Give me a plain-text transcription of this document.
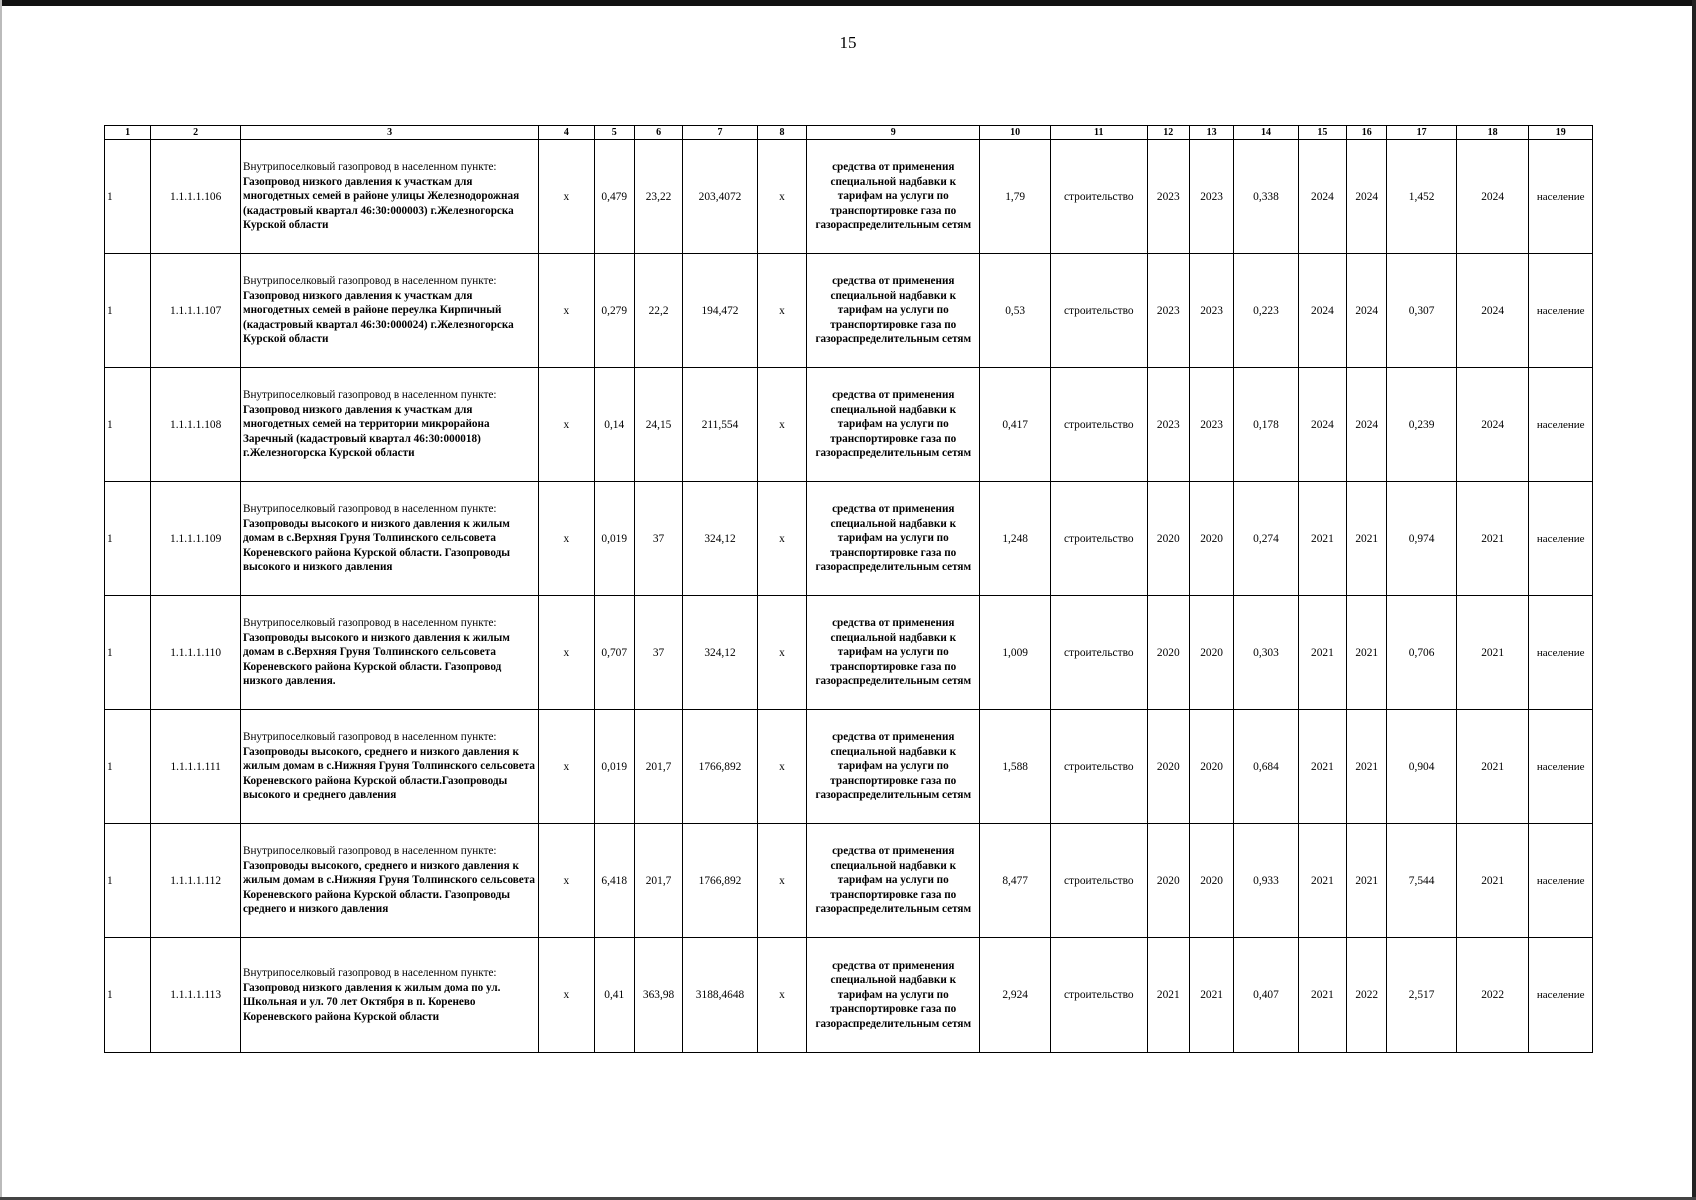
15
1	2	3	4	5	6	7	8	9	10	11	12	13	14	15	16	17	18	19
1	1.1.1.1.106	Внутрипоселковый газопровод в населенном пункте:
Газопровод низкого давления к участкам для многодетных семей в районе улицы Железнодорожная (кадастровый квартал 46:30:000003) г.Железногорска Курской области	х	0,479	23,22	203,4072	х	средства от применения специальной надбавки к тарифам на услуги по транспортировке газа по газораспределительным сетям	1,79	строительство	2023	2023	0,338	2024	2024	1,452	2024	население
1	1.1.1.1.107	Внутрипоселковый газопровод в населенном пункте:
Газопровод низкого давления к участкам для многодетных семей в районе переулка Кирпичный (кадастровый квартал 46:30:000024) г.Железногорска Курской области	х	0,279	22,2	194,472	х	средства от применения специальной надбавки к тарифам на услуги по транспортировке газа по газораспределительным сетям	0,53	строительство	2023	2023	0,223	2024	2024	0,307	2024	население
1	1.1.1.1.108	Внутрипоселковый газопровод в населенном пункте:
Газопровод низкого давления к участкам для многодетных семей на территории микрорайона Заречный (кадастровый квартал 46:30:000018) г.Железногорска Курской области	х	0,14	24,15	211,554	х	средства от применения специальной надбавки к тарифам на услуги по транспортировке газа по газораспределительным сетям	0,417	строительство	2023	2023	0,178	2024	2024	0,239	2024	население
1	1.1.1.1.109	Внутрипоселковый газопровод в населенном пункте:
Газопроводы высокого и низкого давления к жилым домам в с.Верхняя Груня Толпинского сельсовета Кореневского района Курской области. Газопроводы высокого и низкого давления	х	0,019	37	324,12	х	средства от применения специальной надбавки к тарифам на услуги по транспортировке газа по газораспределительным сетям	1,248	строительство	2020	2020	0,274	2021	2021	0,974	2021	население
1	1.1.1.1.110	Внутрипоселковый газопровод в населенном пункте:
Газопроводы высокого и низкого давления к жилым домам в с.Верхняя Груня Толпинского сельсовета Кореневского района Курской области. Газопровод низкого давления.	х	0,707	37	324,12	х	средства от применения специальной надбавки к тарифам на услуги по транспортировке газа по газораспределительным сетям	1,009	строительство	2020	2020	0,303	2021	2021	0,706	2021	население
1	1.1.1.1.111	Внутрипоселковый газопровод в населенном пункте:
Газопроводы высокого, среднего и низкого давления к жилым домам в с.Нижняя Груня Толпинского сельсовета Кореневского района Курской области.Газопроводы высокого и среднего давления	х	0,019	201,7	1766,892	х	средства от применения специальной надбавки к тарифам на услуги по транспортировке газа по газораспределительным сетям	1,588	строительство	2020	2020	0,684	2021	2021	0,904	2021	население
1	1.1.1.1.112	Внутрипоселковый газопровод в населенном пункте:
Газопроводы высокого, среднего и низкого давления к жилым домам в с.Нижняя Груня Толпинского сельсовета Кореневского района Курской области. Газопроводы среднего и низкого давления	х	6,418	201,7	1766,892	х	средства от применения специальной надбавки к тарифам на услуги по транспортировке газа по газораспределительным сетям	8,477	строительство	2020	2020	0,933	2021	2021	7,544	2021	население
1	1.1.1.1.113	Внутрипоселковый газопровод в населенном пункте:
Газопровод низкого давления к жилым дома по ул. Школьная и ул. 70 лет Октября в п. Коренево Кореневского района Курской области	х	0,41	363,98	3188,4648	х	средства от применения специальной надбавки к тарифам на услуги по транспортировке газа по газораспределительным сетям	2,924	строительство	2021	2021	0,407	2021	2022	2,517	2022	население
